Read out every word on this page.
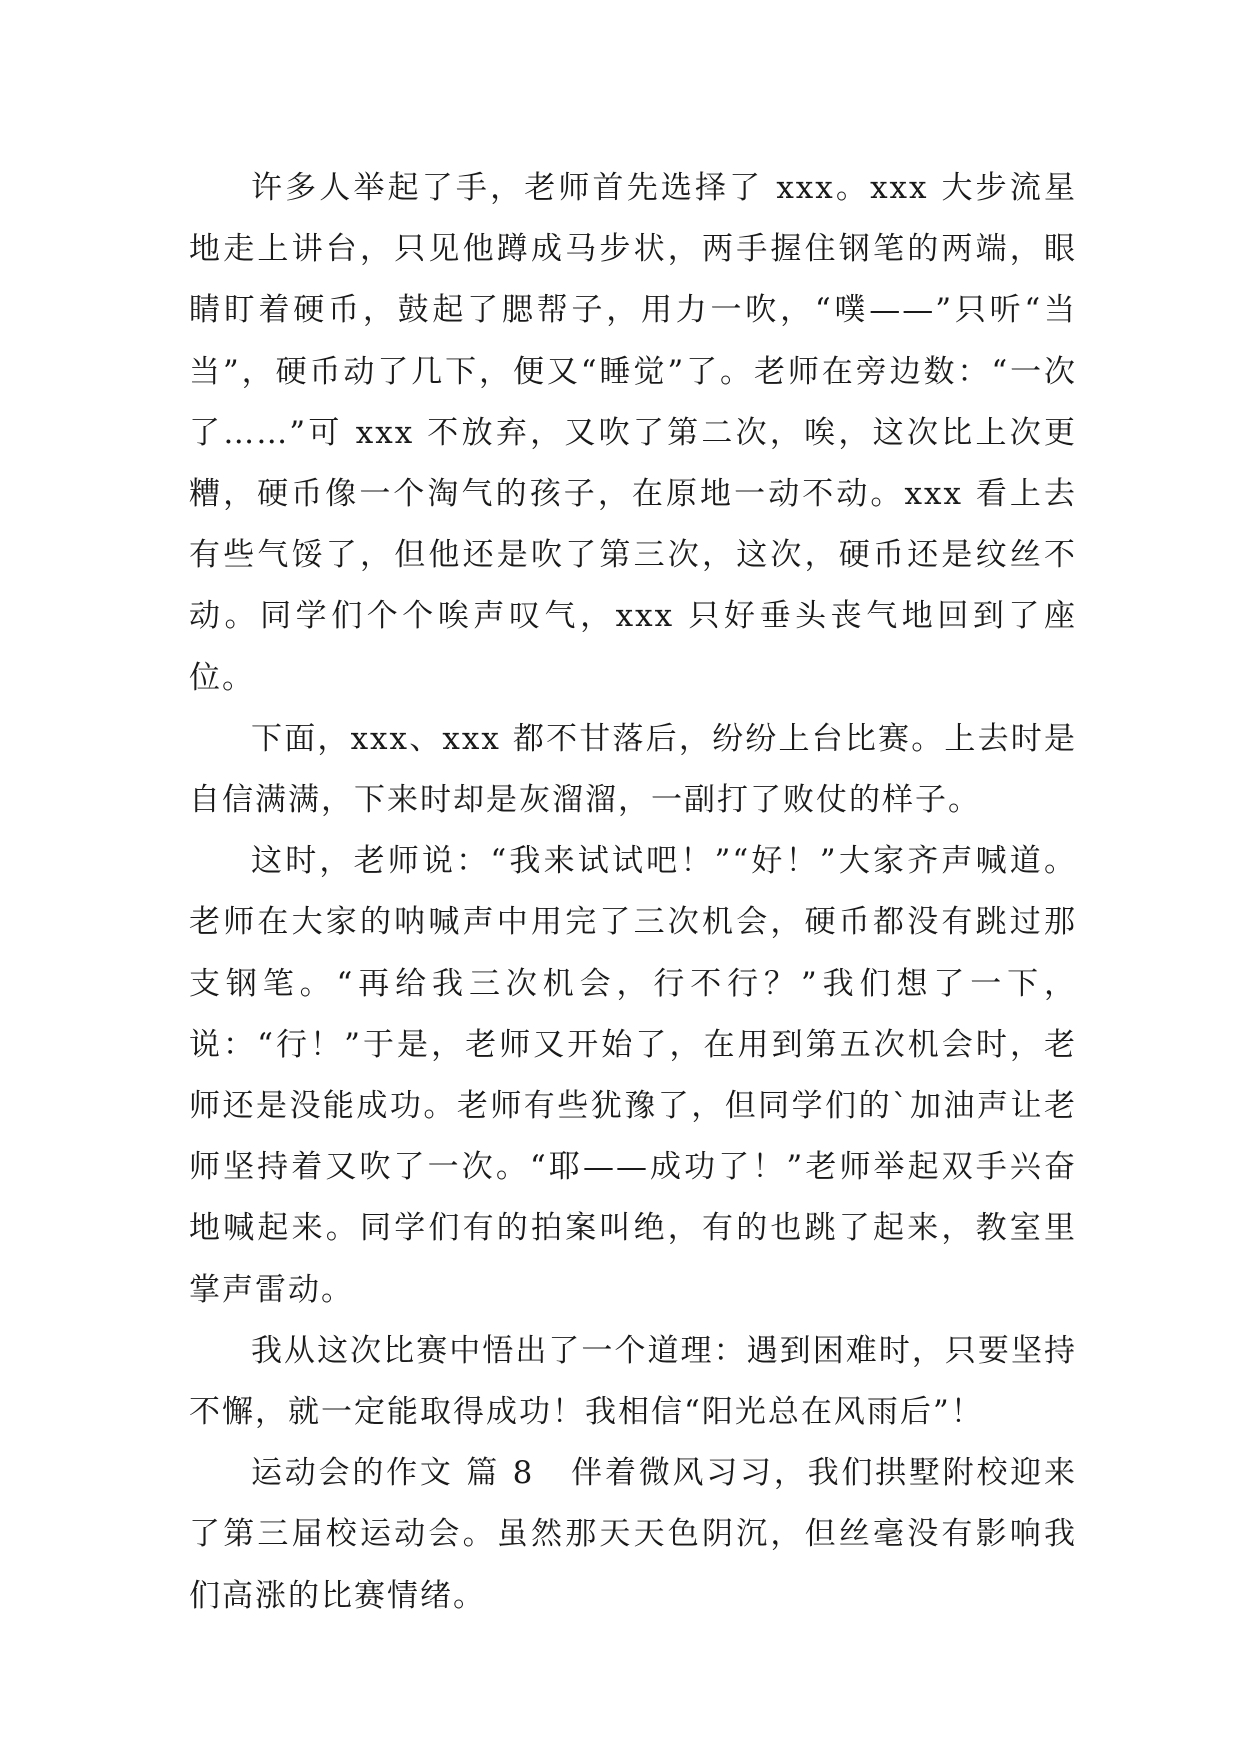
许多人举起了手，老师首先选择了 xxx。xxx 大步流星地走上讲台，只见他蹲成马步状，两手握住钢笔的两端，眼睛盯着硬币，鼓起了腮帮子，用力一吹，“噗——”只听“当当”，硬币动了几下，便又“睡觉”了。老师在旁边数：“一次了……”可 xxx 不放弃，又吹了第二次，唉，这次比上次更糟，硬币像一个淘气的孩子，在原地一动不动。xxx 看上去有些气馁了，但他还是吹了第三次，这次，硬币还是纹丝不动。同学们个个唉声叹气，xxx 只好垂头丧气地回到了座位。

下面，xxx、xxx 都不甘落后，纷纷上台比赛。上去时是自信满满，下来时却是灰溜溜，一副打了败仗的样子。

这时，老师说：“我来试试吧！”“好！”大家齐声喊道。老师在大家的呐喊声中用完了三次机会，硬币都没有跳过那支钢笔。“再给我三次机会，行不行？”我们想了一下，说：“行！”于是，老师又开始了，在用到第五次机会时，老师还是没能成功。老师有些犹豫了，但同学们的`加油声让老师坚持着又吹了一次。“耶——成功了！”老师举起双手兴奋地喊起来。同学们有的拍案叫绝，有的也跳了起来，教室里掌声雷动。

我从这次比赛中悟出了一个道理：遇到困难时，只要坚持不懈，就一定能取得成功！我相信“阳光总在风雨后”！

运动会的作文 篇 8 伴着微风习习，我们拱墅附校迎来了第三届校运动会。虽然那天天色阴沉，但丝毫没有影响我们高涨的比赛情绪。
